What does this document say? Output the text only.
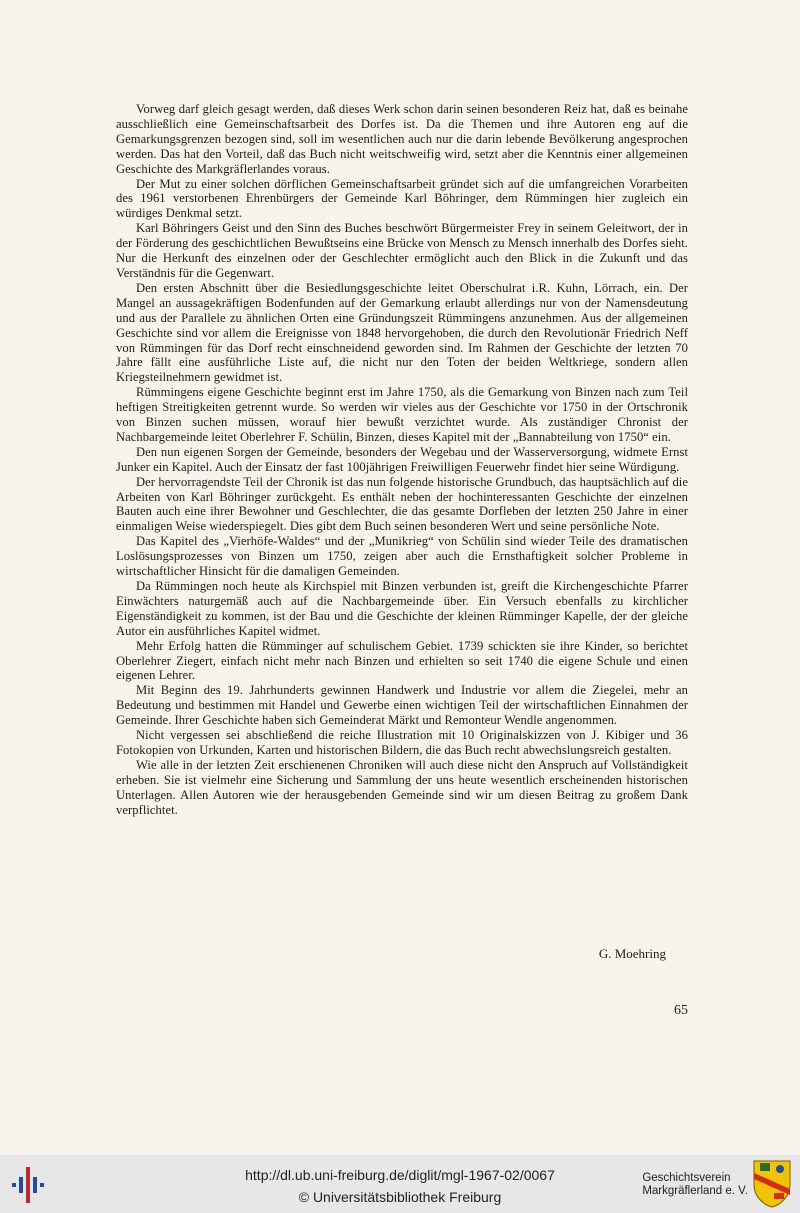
Vorweg darf gleich gesagt werden, daß dieses Werk schon darin seinen besonderen Reiz hat, daß es beinahe ausschließlich eine Gemeinschaftsarbeit des Dorfes ist. Da die Themen und ihre Autoren eng auf die Gemarkungsgrenzen bezogen sind, soll im wesentlichen auch nur die darin lebende Bevölkerung angesprochen werden. Das hat den Vorteil, daß das Buch nicht weitschweifig wird, setzt aber die Kenntnis einer allgemeinen Geschichte des Markgräflerlandes voraus.

Der Mut zu einer solchen dörflichen Gemeinschaftsarbeit gründet sich auf die umfangreichen Vorarbeiten des 1961 verstorbenen Ehrenbürgers der Gemeinde Karl Böhringer, dem Rümmingen hier zugleich ein würdiges Denkmal setzt.

Karl Böhringers Geist und den Sinn des Buches beschwört Bürgermeister Frey in seinem Geleitwort, der in der Förderung des geschichtlichen Bewußtseins eine Brücke von Mensch zu Mensch innerhalb des Dorfes sieht. Nur die Herkunft des einzelnen oder der Geschlechter ermöglicht auch den Blick in die Zukunft und das Verständnis für die Gegenwart.

Den ersten Abschnitt über die Besiedlungsgeschichte leitet Oberschulrat i.R. Kuhn, Lörrach, ein. Der Mangel an aussagekräftigen Bodenfunden auf der Gemarkung erlaubt allerdings nur von der Namensdeutung und aus der Parallele zu ähnlichen Orten eine Gründungszeit Rümmingens anzunehmen. Aus der allgemeinen Geschichte sind vor allem die Ereignisse von 1848 hervorgehoben, die durch den Revolutionär Friedrich Neff von Rümmingen für das Dorf recht einschneidend geworden sind. Im Rahmen der Geschichte der letzten 70 Jahre fällt eine ausführliche Liste auf, die nicht nur den Toten der beiden Weltkriege, sondern allen Kriegsteilnehmern gewidmet ist.

Rümmingens eigene Geschichte beginnt erst im Jahre 1750, als die Gemarkung von Binzen nach zum Teil heftigen Streitigkeiten getrennt wurde. So werden wir vieles aus der Geschichte vor 1750 in der Ortschronik von Binzen suchen müssen, worauf hier bewußt verzichtet wurde. Als zuständiger Chronist der Nachbargemeinde leitet Oberlehrer F. Schülin, Binzen, dieses Kapitel mit der „Bannabteilung von 1750“ ein.

Den nun eigenen Sorgen der Gemeinde, besonders der Wegebau und der Wasserversorgung, widmete Ernst Junker ein Kapitel. Auch der Einsatz der fast 100jährigen Freiwilligen Feuerwehr findet hier seine Würdigung.

Der hervorragendste Teil der Chronik ist das nun folgende historische Grundbuch, das hauptsächlich auf die Arbeiten von Karl Böhringer zurückgeht. Es enthält neben der hochinteressanten Geschichte der einzelnen Bauten auch eine ihrer Bewohner und Geschlechter, die das gesamte Dorfleben der letzten 250 Jahre in einer einmaligen Weise wiederspiegelt. Dies gibt dem Buch seinen besonderen Wert und seine persönliche Note.

Das Kapitel des „Vierhöfe-Waldes“ und der „Munikrieg“ von Schülin sind wieder Teile des dramatischen Loslösungsprozesses von Binzen um 1750, zeigen aber auch die Ernsthaftigkeit solcher Probleme in wirtschaftlicher Hinsicht für die damaligen Gemeinden.

Da Rümmingen noch heute als Kirchspiel mit Binzen verbunden ist, greift die Kirchengeschichte Pfarrer Einwächters naturgemäß auch auf die Nachbargemeinde über. Ein Versuch ebenfalls zu kirchlicher Eigenständigkeit zu kommen, ist der Bau und die Geschichte der kleinen Rümminger Kapelle, der der gleiche Autor ein ausführliches Kapitel widmet.

Mehr Erfolg hatten die Rümminger auf schulischem Gebiet. 1739 schickten sie ihre Kinder, so berichtet Oberlehrer Ziegert, einfach nicht mehr nach Binzen und erhielten so seit 1740 die eigene Schule und einen eigenen Lehrer.

Mit Beginn des 19. Jahrhunderts gewinnen Handwerk und Industrie vor allem die Ziegelei, mehr an Bedeutung und bestimmen mit Handel und Gewerbe einen wichtigen Teil der wirtschaftlichen Einnahmen der Gemeinde. Ihrer Geschichte haben sich Gemeinderat Märkt und Remonteur Wendle angenommen.

Nicht vergessen sei abschließend die reiche Illustration mit 10 Originalskizzen von J. Kibiger und 36 Fotokopien von Urkunden, Karten und historischen Bildern, die das Buch recht abwechslungsreich gestalten.

Wie alle in der letzten Zeit erschienenen Chroniken will auch diese nicht den Anspruch auf Vollständigkeit erheben. Sie ist vielmehr eine Sicherung und Sammlung der uns heute wesentlich erscheinenden historischen Unterlagen. Allen Autoren wie der herausgebenden Gemeinde sind wir um diesen Beitrag zu großem Dank verpflichtet.

G. Moehring
65
http://dl.ub.uni-freiburg.de/diglit/mgl-1967-02/0067
© Universitätsbibliothek Freiburg
Geschichtsverein
Markgräflerland e. V.
